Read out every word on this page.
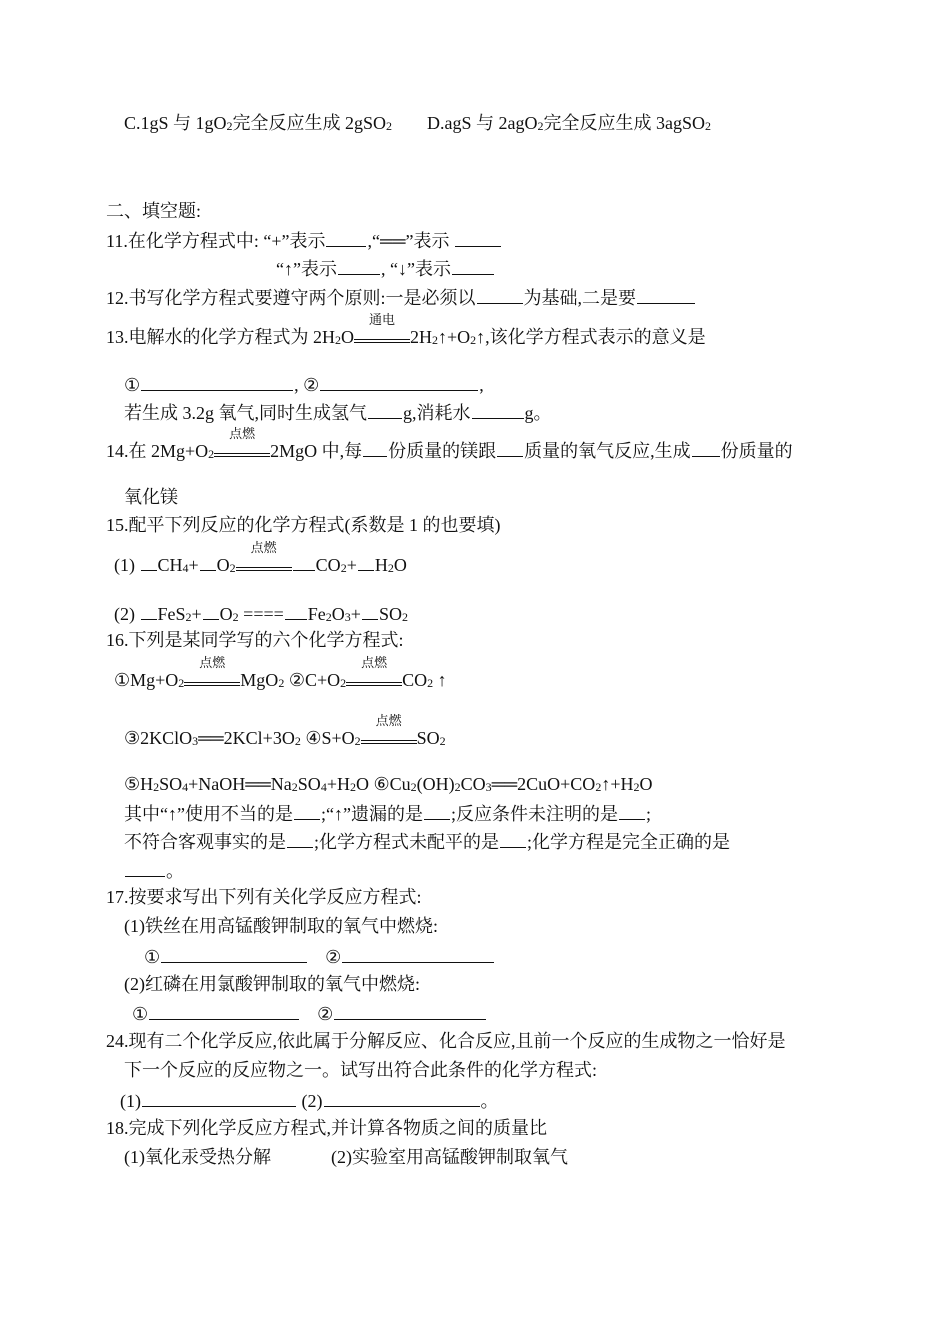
C.1gS 与 $1gO_2$完全反应生成 2gSO$_2$ D.agS 与 2agO$_2$完全反应生成 3agSO$_2$
二、填空题:
11.在化学方程式中: “+”表示 ,“══”表示
“↑”表示 , “↓”表示
12.书写化学方程式要遵守两个原则:一是必须以	为基础,二是要
13.电解水的化学方程式为 $2H_2O$
通电
$2H_2↑+O_2↑$,该化学方程式表示的意义是
①	, ②	,
若生成 3.2g 氧气,同时生成氢气 g,消耗水	g。
14.在 $2Mg+O_2$
点燃
2MgO 中,每 份质量的镁跟 质量的氧气反应,生成 份质量的
氧化镁
15.配平下列反应的化学方程式(系数是 1 的也要填)
(1) $CH_4+ O_2$
点燃
$CO_2+ H_2O$
(2) $FeS_2+ O_2$ ==== $Fe_2O_3+ SO_2$
16.下列是某同学写的六个化学方程式:
$①Mg+O_2$
点燃
MgO$_2$ $②C+O_2$
点燃
$CO_2$ ↑
$③2KClO_3══2KCl+3O_2$ $④S+O_2$
点燃
$SO_2$
$⑤H_2SO_4+NaOH══Na_2SO_4+H_2O$ $⑥Cu_2(OH)_2CO_3══2CuO+CO_2↑+H_2O$
其中“↑”使用不当的是 ;“↑”遗漏的是 ;反应条件未注明的是 ;
不符合客观事实的是 ;化学方程式未配平的是 ;化学方程是完全正确的是
。
17.按要求写出下列有关化学反应方程式:
(1)铁丝在用高锰酸钾制取的氧气中燃烧:
①	②
(2)红磷在用氯酸钾制取的氧气中燃烧:
①	②
24.现有二个化学反应,依此属于分解反应、化合反应,且前一个反应的生成物之一恰好是
下一个反应的反应物之一。试写出符合此条件的化学方程式:
(1)	(2)	。
18.完成下列化学反应方程式,并计算各物质之间的质量比
(1)氧化汞受热分解	(2)实验室用高锰酸钾制取氧气
